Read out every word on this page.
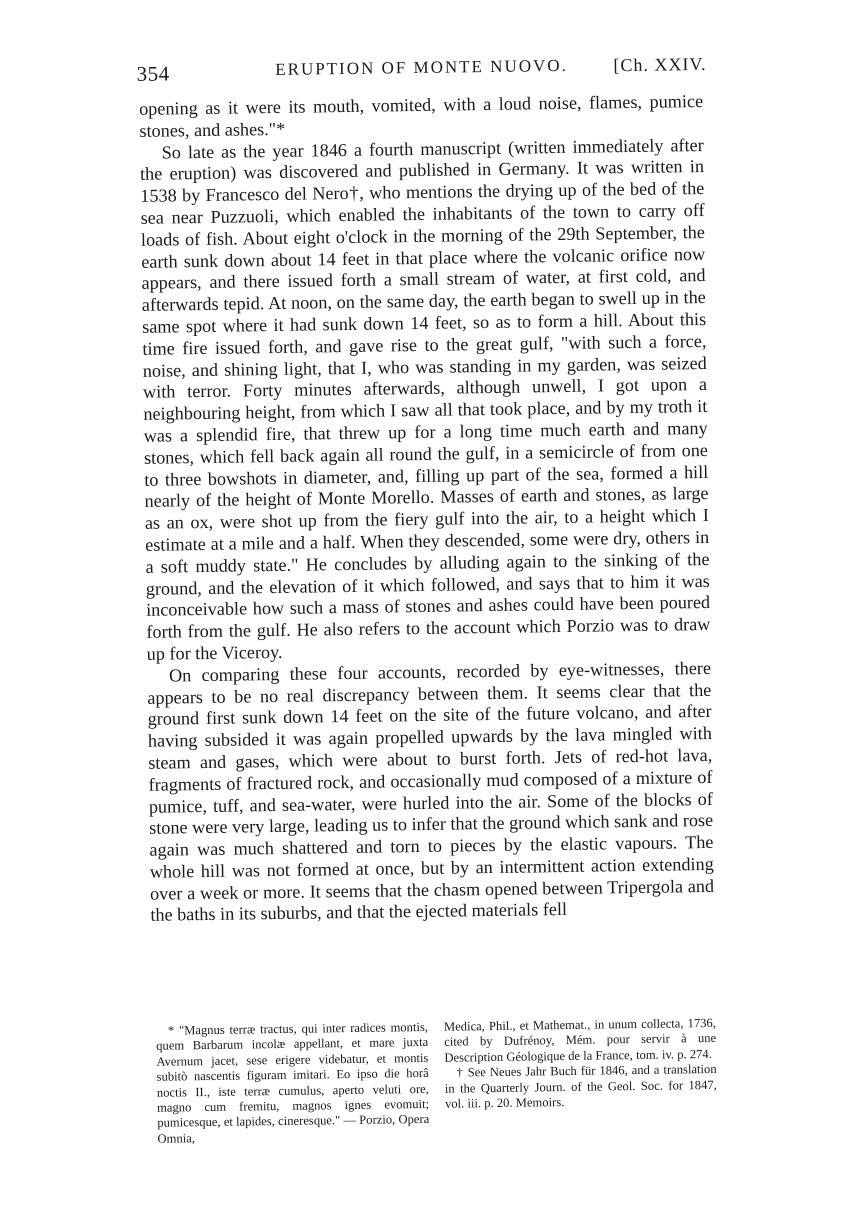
354	ERUPTION OF MONTE NUOVO.	[Ch. XXIV.

opening as it were its mouth, vomited, with a loud noise, flames, pumice stones, and ashes."*

So late as the year 1846 a fourth manuscript (written immediately after the eruption) was discovered and published in Germany. It was written in 1538 by Francesco del Nero†, who mentions the drying up of the bed of the sea near Puzzuoli, which enabled the inhabitants of the town to carry off loads of fish. About eight o'clock in the morning of the 29th September, the earth sunk down about 14 feet in that place where the volcanic orifice now appears, and there issued forth a small stream of water, at first cold, and afterwards tepid. At noon, on the same day, the earth began to swell up in the same spot where it had sunk down 14 feet, so as to form a hill. About this time fire issued forth, and gave rise to the great gulf, "with such a force, noise, and shining light, that I, who was standing in my garden, was seized with terror. Forty minutes afterwards, although unwell, I got upon a neighbouring height, from which I saw all that took place, and by my troth it was a splendid fire, that threw up for a long time much earth and many stones, which fell back again all round the gulf, in a semicircle of from one to three bowshots in diameter, and, filling up part of the sea, formed a hill nearly of the height of Monte Morello. Masses of earth and stones, as large as an ox, were shot up from the fiery gulf into the air, to a height which I estimate at a mile and a half. When they descended, some were dry, others in a soft muddy state." He concludes by alluding again to the sinking of the ground, and the elevation of it which followed, and says that to him it was inconceivable how such a mass of stones and ashes could have been poured forth from the gulf. He also refers to the account which Porzio was to draw up for the Viceroy.

On comparing these four accounts, recorded by eye-witnesses, there appears to be no real discrepancy between them. It seems clear that the ground first sunk down 14 feet on the site of the future volcano, and after having subsided it was again propelled upwards by the lava mingled with steam and gases, which were about to burst forth. Jets of red-hot lava, fragments of fractured rock, and occasionally mud composed of a mixture of pumice, tuff, and sea-water, were hurled into the air. Some of the blocks of stone were very large, leading us to infer that the ground which sank and rose again was much shattered and torn to pieces by the elastic vapours. The whole hill was not formed at once, but by an intermittent action extending over a week or more. It seems that the chasm opened between Tripergola and the baths in its suburbs, and that the ejected materials fell

* "Magnus terræ tractus, qui inter radices montis, quem Barbarum incolæ appellant, et mare juxta Avernum jacet, sese erigere videbatur, et montis subitò nascentis figuram imitari. Eo ipso die horâ noctis II., iste terræ cumulus, aperto veluti ore, magno cum fremitu, magnos ignes evomuit; pumicesque, et lapides, cineresque." — Porzio, Opera Omnia,

Medica, Phil., et Mathemat., in unum collecta, 1736, cited by Dufrénoy, Mém. pour servir à une Description Géologique de la France, tom. iv. p. 274.

† See Neues Jahr Buch für 1846, and a translation in the Quarterly Journ. of the Geol. Soc. for 1847, vol. iii. p. 20. Memoirs.
